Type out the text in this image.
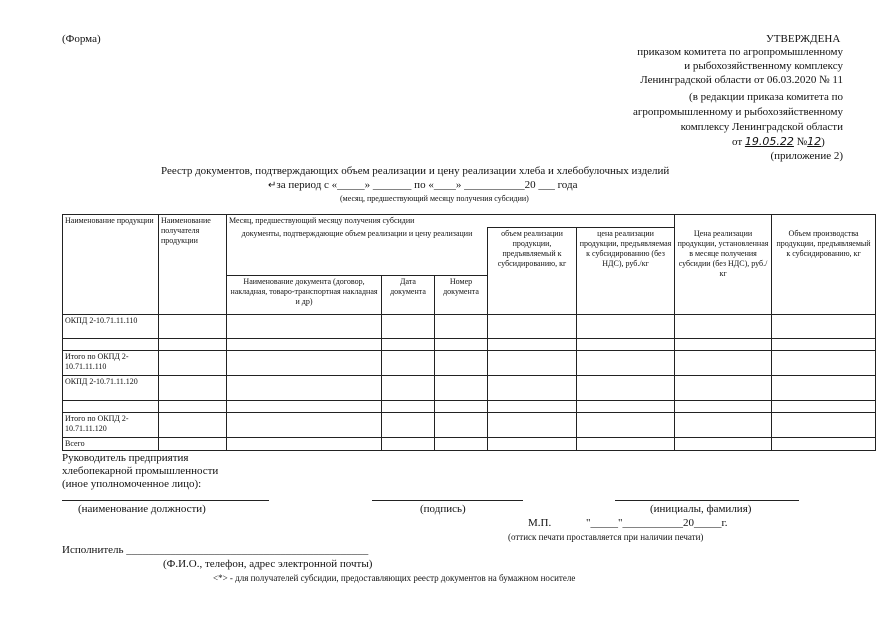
(Форма)	УТВЕРЖДЕНА
приказом комитета по агропромышленному
и рыбохозяйственному комплексу
Ленинградской области от 06.03.2020 № 11
(в редакции приказа комитета по
агропромышленному и рыбохозяйственному
комплексу Ленинградской области
от 19.05.22 №12)
(приложение 2)
Реестр документов, подтверждающих объем реализации и цену реализации хлеба и хлебобулочных изделий
↵за период с «_____» _______ по «____» ___________20 ___ года
(месяц, предшествующий месяцу получения субсидии)
Наименование продукции	Наименование получателя продукции	Месяц, предшествующий месяцу получения субсидии					Цена реализации продукции, установленная в месяце получения субсидии (без НДС), руб./кг	Объем производства продукции, предъявляемый к субсидированию, кг
		документы, подтверждающие объем реализации и цену реализации			объем реализации продукции, предъявляемый к субсидированию, кг	цена реализации продукции, предъявляемая к субсидированию (без НДС), руб./кг		
		Наименование документа (договор, накладная, товаро-транспортная накладная и др)	Дата документа	Номер документа				
ОКПД 2-10.71.11.110								

Итого по ОКПД 2-10.71.11.110								
ОКПД 2-10.71.11.120								

Итого по ОКПД 2- 10.71.11.120								
Всего								
Руководитель предприятия
хлебопекарной промышленности
(иное уполномоченное лицо):
(наименование должности)	(подпись)	(инициалы, фамилия)
М.П.	"_____"___________20_____г.
(оттиск печати проставляется при наличии печати)
Исполнитель ____________________________________________
(Ф.И.О., телефон, адрес электронной почты)
<*> - для получателей субсидии, предоставляющих реестр документов на бумажном носителе
